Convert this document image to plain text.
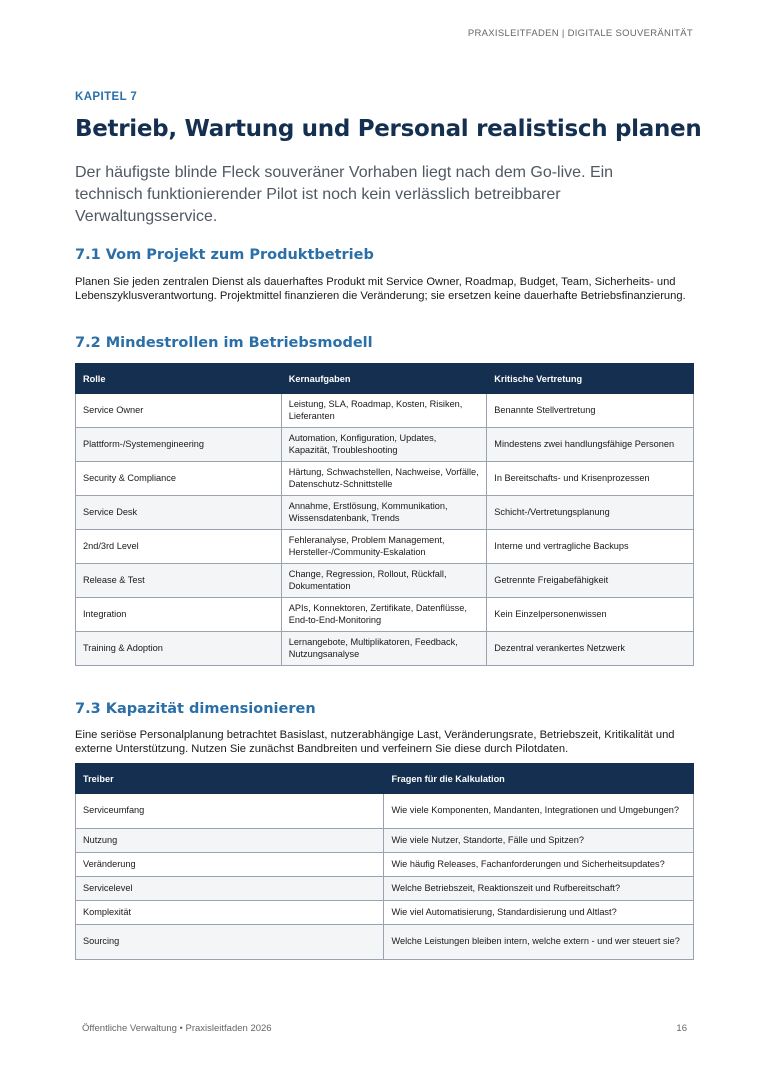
PRAXISLEITFADEN | DIGITALE SOUVERÄNITÄT
KAPITEL 7
Betrieb, Wartung und Personal realistisch planen

Der häufigste blinde Fleck souveräner Vorhaben liegt nach dem Go-live. Ein technisch funktionierender Pilot ist noch kein verlässlich betreibbarer Verwaltungsservice.

7.1 Vom Projekt zum Produktbetrieb

Planen Sie jeden zentralen Dienst als dauerhaftes Produkt mit Service Owner, Roadmap, Budget, Team, Sicherheits- und Lebenszyklusverantwortung. Projektmittel finanzieren die Veränderung; sie ersetzen keine dauerhafte Betriebsfinanzierung.

7.2 Mindestrollen im Betriebsmodell
Rolle	Kernaufgaben	Kritische Vertretung
Service Owner	Leistung, SLA, Roadmap, Kosten, Risiken, Lieferanten	Benannte Stellvertretung
Plattform-/Systemengineering	Automation, Konfiguration, Updates, Kapazität, Troubleshooting	Mindestens zwei handlungsfähige Personen
Security & Compliance	Härtung, Schwachstellen, Nachweise, Vorfälle, Datenschutz-Schnittstelle	In Bereitschafts- und Krisenprozessen
Service Desk	Annahme, Erstlösung, Kommunikation, Wissensdatenbank, Trends	Schicht-/Vertretungsplanung
2nd/3rd Level	Fehleranalyse, Problem Management, Hersteller-/Community-Eskalation	Interne und vertragliche Backups
Release & Test	Change, Regression, Rollout, Rückfall, Dokumentation	Getrennte Freigabefähigkeit
Integration	APIs, Konnektoren, Zertifikate, Datenflüsse, End-to-End-Monitoring	Kein Einzelpersonenwissen
Training & Adoption	Lernangebote, Multiplikatoren, Feedback, Nutzungsanalyse	Dezentral verankertes Netzwerk
7.3 Kapazität dimensionieren

Eine seriöse Personalplanung betrachtet Basislast, nutzerabhängige Last, Veränderungsrate, Betriebszeit, Kritikalität und externe Unterstützung. Nutzen Sie zunächst Bandbreiten und verfeinern Sie diese durch Pilotdaten.

Treiber	Fragen für die Kalkulation
Serviceumfang	Wie viele Komponenten, Mandanten, Integrationen und Umgebungen?
Nutzung	Wie viele Nutzer, Standorte, Fälle und Spitzen?
Veränderung	Wie häufig Releases, Fachanforderungen und Sicherheitsupdates?
Servicelevel	Welche Betriebszeit, Reaktionszeit und Rufbereitschaft?
Komplexität	Wie viel Automatisierung, Standardisierung und Altlast?
Sourcing	Welche Leistungen bleiben intern, welche extern - und wer steuert sie?
Öffentliche Verwaltung • Praxisleitfaden 2026	16
